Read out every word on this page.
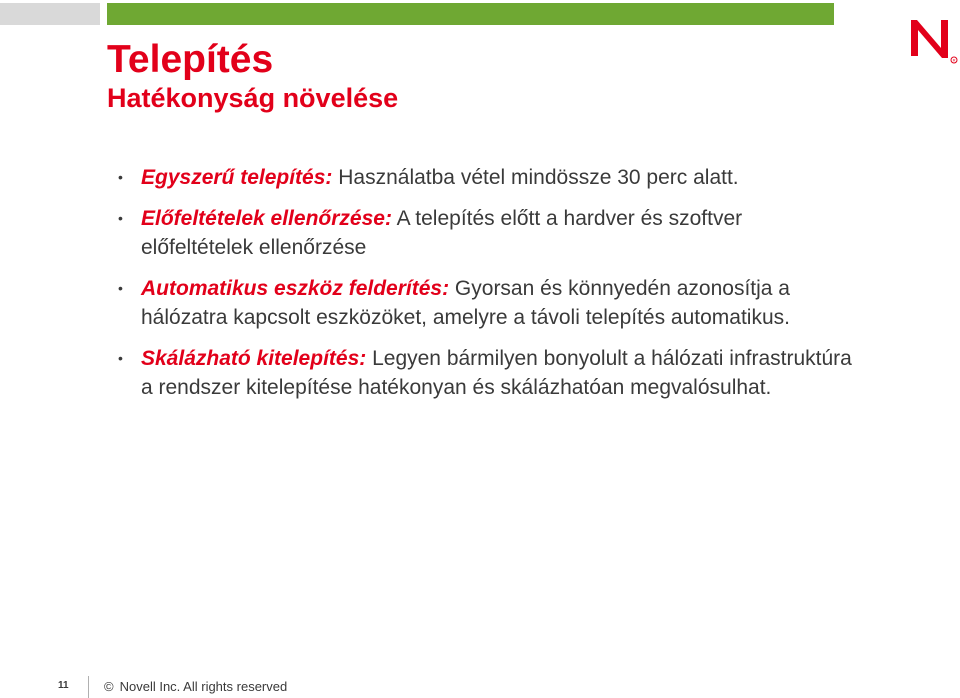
R
Telepítés
Hatékonyság növelése
• Egyszerű telepítés: Használatba vétel mindössze 30 perc alatt.
• Előfeltételek ellenőrzése: A telepítés előtt a hardver és szoftver előfeltételek ellenőrzése
• Automatikus eszköz felderítés: Gyorsan és könnyedén azonosítja a hálózatra kapcsolt eszközöket, amelyre a távoli telepítés automatikus.
• Skálázható kitelepítés: Legyen bármilyen bonyolult a hálózati infrastruktúra a rendszer kitelepítése hatékonyan és skálázhatóan megvalósulhat.
11	© Novell Inc. All rights reserved
